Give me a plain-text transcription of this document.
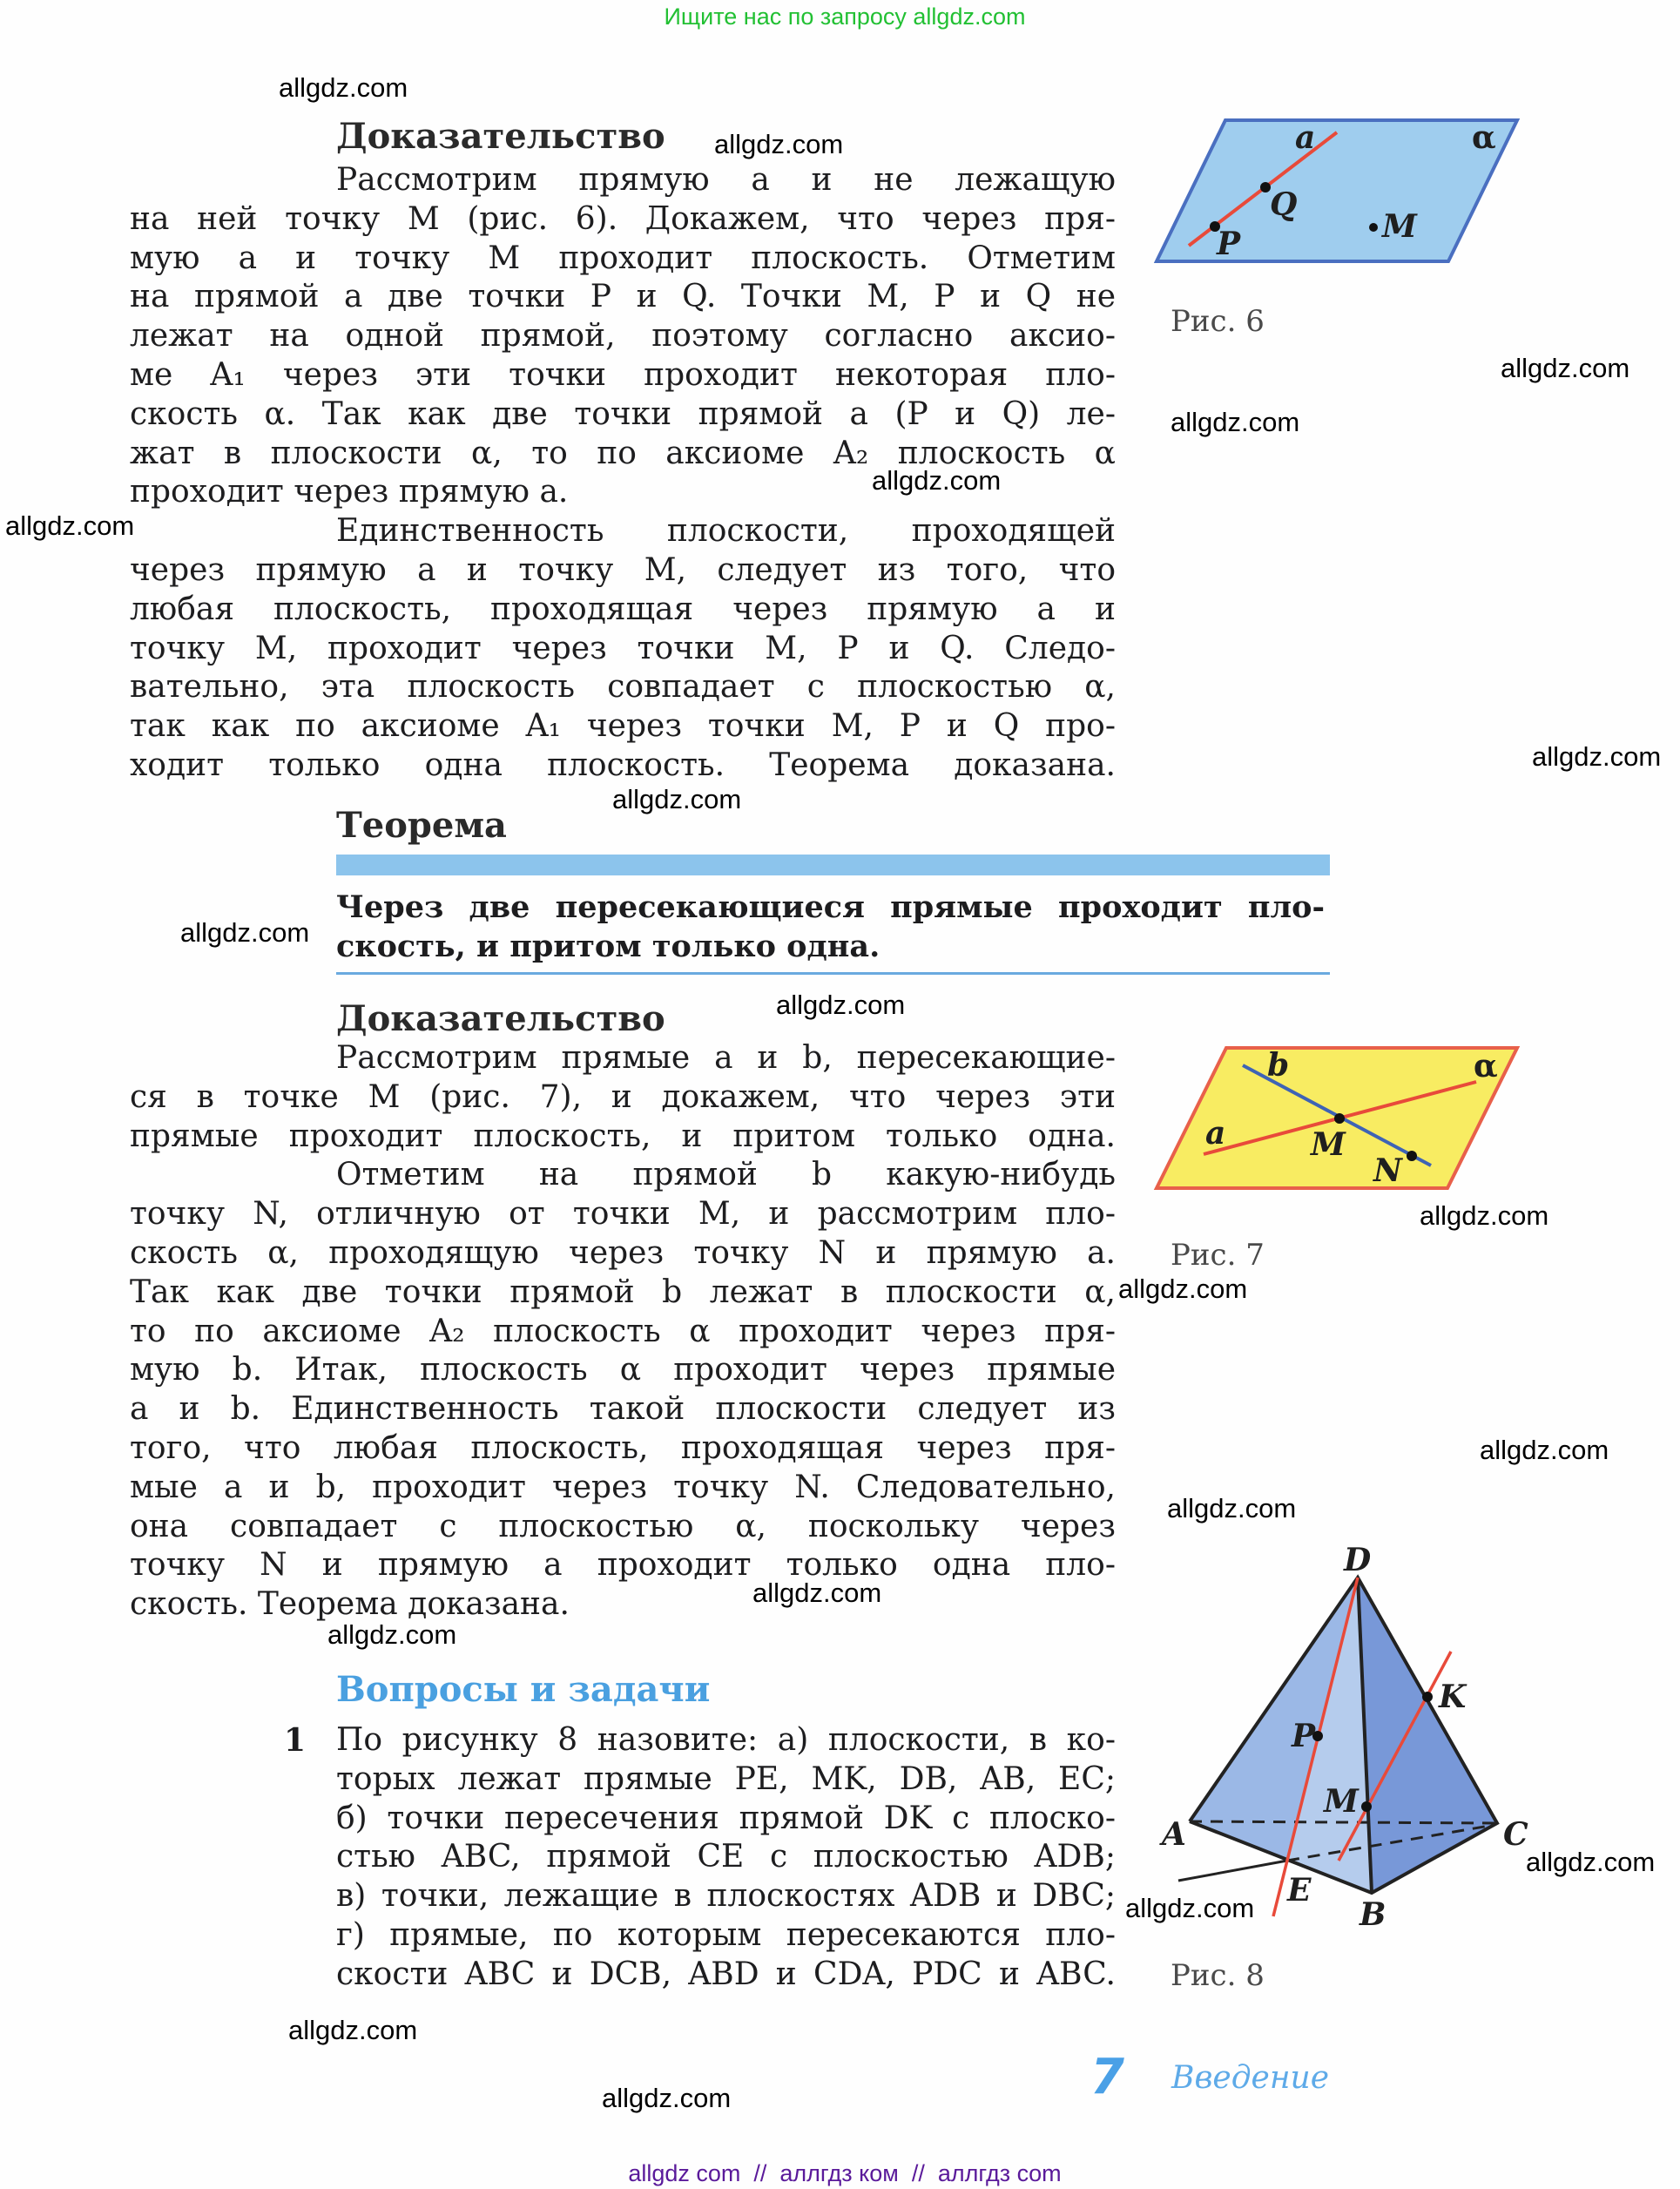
Ищите нас по запросу allgdz.com
Доказательство
Рассмотрим прямую a и не лежащую
на ней точку M (рис. 6). Докажем, что через пря-
мую a и точку M проходит плоскость. Отметим
на прямой a две точки P и Q. Точки M, P и Q не
лежат на одной прямой, поэтому согласно аксио-
ме A₁ через эти точки проходит некоторая пло-
скость α. Так как две точки прямой a (P и Q) ле-
жат в плоскости α, то по аксиоме A₂ плоскость α
проходит через прямую a.
Единственность плоскости, проходящей
через прямую a и точку M, следует из того, что
любая плоскость, проходящая через прямую a и
точку M, проходит через точки M, P и Q. Следо-
вательно, эта плоскость совпадает с плоскостью α,
так как по аксиоме A₁ через точки M, P и Q про-
ходит только одна плоскость. Теорема доказана.
Теорема
Через две пересекающиеся прямые проходит пло-
скость, и притом только одна.
Доказательство
Рассмотрим прямые a и b, пересекающие-
ся в точке M (рис. 7), и докажем, что через эти
прямые проходит плоскость, и притом только одна.
Отметим на прямой b какую-нибудь
точку N, отличную от точки M, и рассмотрим пло-
скость α, проходящую через точку N и прямую a.
Так как две точки прямой b лежат в плоскости α,
то по аксиоме A₂ плоскость α проходит через пря-
мую b. Итак, плоскость α проходит через прямые
a и b. Единственность такой плоскости следует из
того, что любая плоскость, проходящая через пря-
мые a и b, проходит через точку N. Следовательно,
она совпадает с плоскостью α, поскольку через
точку N и прямую a проходит только одна пло-
скость. Теорема доказана.
Вопросы и задачи
1 По рисунку 8 назовите: а) плоскости, в ко-
торых лежат прямые PE, MK, DB, AB, EC;
б) точки пересечения прямой DK с плоско-
стью ABC, прямой CE с плоскостью ADB;
в) точки, лежащие в плоскостях ADB и DBC;
г) прямые, по которым пересекаются пло-
скости ABC и DCB, ABD и CDA, PDC и ABC.
a	α
Q
P	M
b	α
a	M
N
D
K
P
M
A	C
E
B
Рис. 6
Рис. 7
Рис. 8
7 Введение
allgdz com  //  аллгдз ком  //  аллгдз com
allgdz.com
allgdz.com
allgdz.com
allgdz.com
allgdz.com
allgdz.com
allgdz.com
allgdz.com
allgdz.com
allgdz.com
allgdz.com
allgdz.com
allgdz.com
allgdz.com
allgdz.com
allgdz.com
allgdz.com
allgdz.com
allgdz.com
allgdz.com
